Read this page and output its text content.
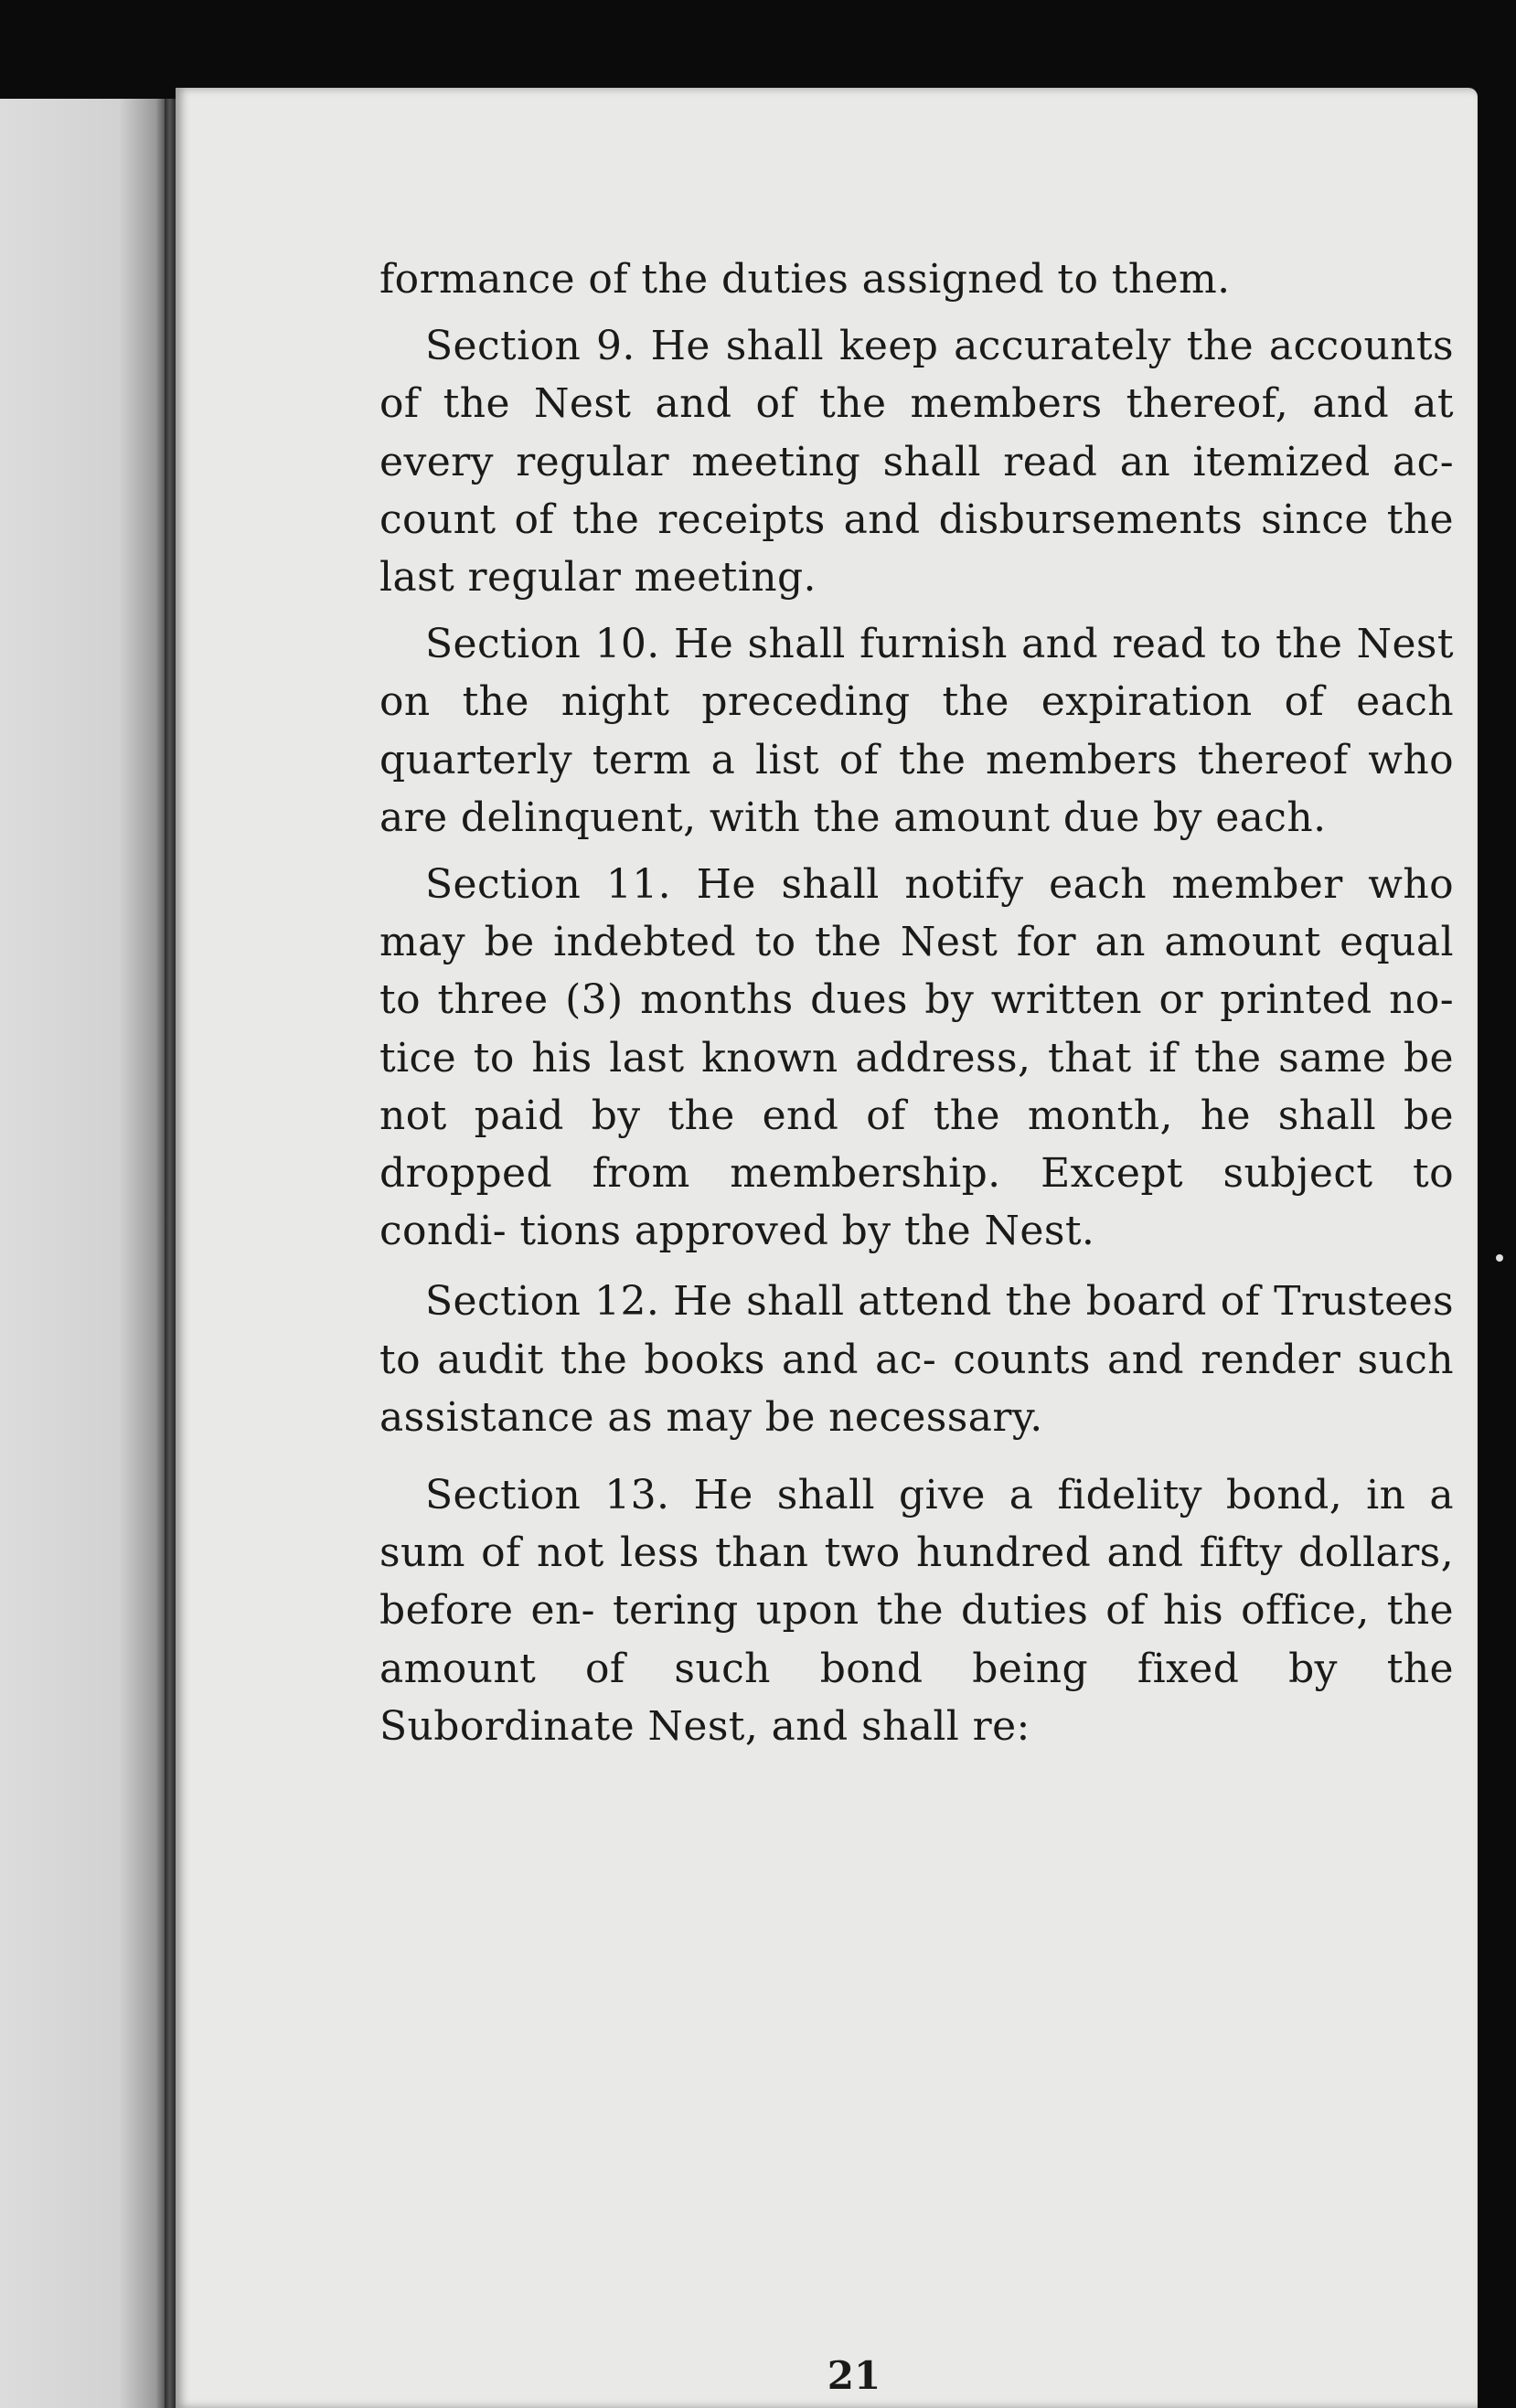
formance of the duties assigned to them.

Section 9. He shall keep accurately the accounts of the Nest and of the members thereof, and at every regular meeting shall read an itemized ac‐ count of the receipts and disbursements since the last regular meeting.

Section 10. He shall furnish and read to the Nest on the night preceding the expiration of each quarterly term a list of the members thereof who are delinquent, with the amount due by each.

Section 11. He shall notify each member who may be indebted to the Nest for an amount equal to three (3) months dues by written or printed no‐ tice to his last known address, that if the same be not paid by the end of the month, he shall be dropped from membership. Except subject to condi‐ tions approved by the Nest.

Section 12. He shall attend the board of Trustees to audit the books and ac‐ counts and render such assistance as may be necessary.

Section 13. He shall give a fidelity bond, in a sum of not less than two hundred and fifty dollars, before en‐ tering upon the duties of his office, the amount of such bond being fixed by the Subordinate Nest, and shall re:

21
